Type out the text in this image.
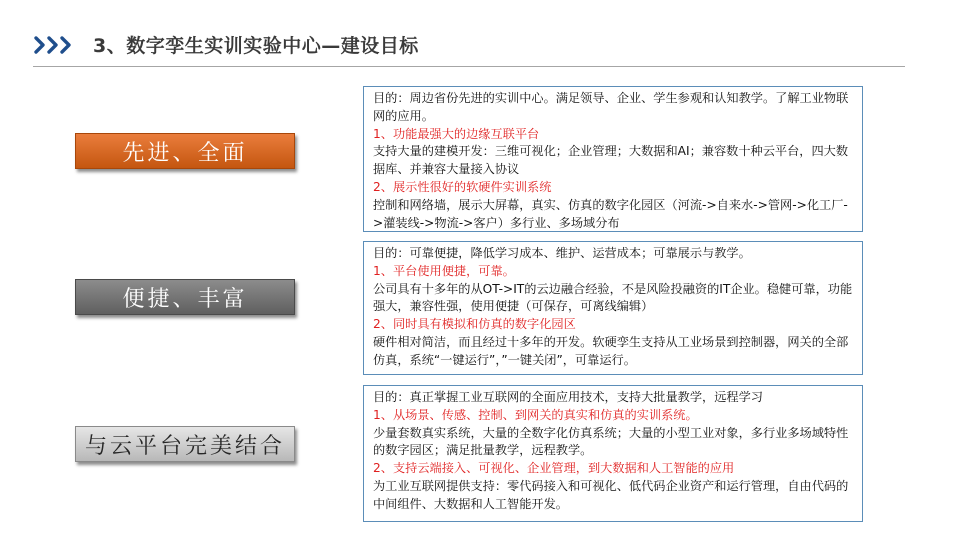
3、数字孪生实训实验中心—建设目标
先进、全面
目的：周边省份先进的实训中心。满足领导、企业、学生参观和认知教学。了解工业物联网的应用。
1、功能最强大的边缘互联平台
支持大量的建模开发：三维可视化；企业管理；大数据和AI；兼容数十种云平台，四大数据库、并兼容大量接入协议
2、展示性很好的软硬件实训系统
控制和网络墙，展示大屏幕，真实、仿真的数字化园区（河流->自来水->管网->化工厂->灌装线->物流->客户）多行业、多场域分布
便捷、丰富
目的：可靠便捷，降低学习成本、维护、运营成本；可靠展示与教学。
1、平台使用便捷，可靠。
公司具有十多年的从OT->IT的云边融合经验，不是风险投融资的IT企业。稳健可靠，功能强大，兼容性强，使用便捷（可保存，可离线编辑）
2、同时具有模拟和仿真的数字化园区
硬件相对简洁，而且经过十多年的开发。软硬孪生支持从工业场景到控制器，网关的全部仿真，系统“一键运行”，”一键关闭”，可靠运行。
与云平台完美结合
目的：真正掌握工业互联网的全面应用技术，支持大批量教学，远程学习
1、从场景、传感、控制、到网关的真实和仿真的实训系统。
少量套数真实系统，大量的全数字化仿真系统；大量的小型工业对象，多行业多场域特性的数字园区；满足批量教学，远程教学。
2、支持云端接入、可视化、企业管理，到大数据和人工智能的应用
为工业互联网提供支持：零代码接入和可视化、低代码企业资产和运行管理，自由代码的中间组件、大数据和人工智能开发。
